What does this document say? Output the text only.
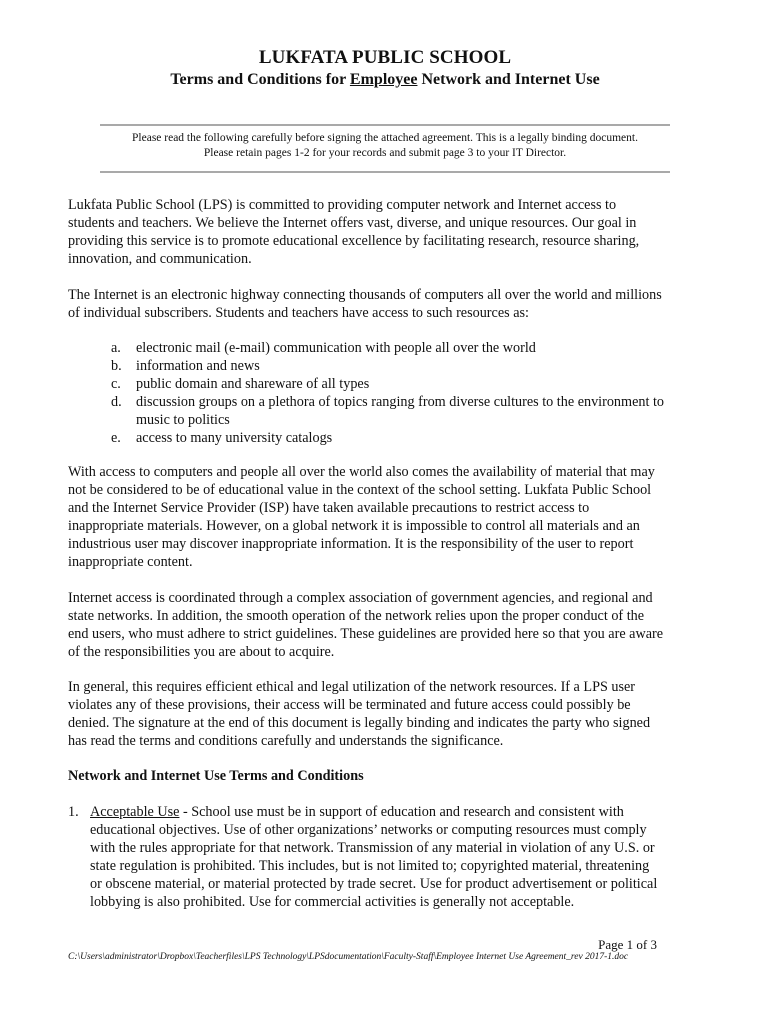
LUKFATA PUBLIC SCHOOL
Terms and Conditions for Employee Network and Internet Use
Please read the following carefully before signing the attached agreement. This is a legally binding document.
Please retain pages 1-2 for your records and submit page 3 to your IT Director.
Lukfata Public School (LPS) is committed to providing computer network and Internet access to
students and teachers. We believe the Internet offers vast, diverse, and unique resources. Our goal in
providing this service is to promote educational excellence by facilitating research, resource sharing,
innovation, and communication.
The Internet is an electronic highway connecting thousands of computers all over the world and millions
of individual subscribers. Students and teachers have access to such resources as:
a. electronic mail (e-mail) communication with people all over the world
b. information and news
c. public domain and shareware of all types
d. discussion groups on a plethora of topics ranging from diverse cultures to the environment to
music to politics
e. access to many university catalogs
With access to computers and people all over the world also comes the availability of material that may
not be considered to be of educational value in the context of the school setting. Lukfata Public School
and the Internet Service Provider (ISP) have taken available precautions to restrict access to
inappropriate materials. However, on a global network it is impossible to control all materials and an
industrious user may discover inappropriate information. It is the responsibility of the user to report
inappropriate content.
Internet access is coordinated through a complex association of government agencies, and regional and
state networks. In addition, the smooth operation of the network relies upon the proper conduct of the
end users, who must adhere to strict guidelines. These guidelines are provided here so that you are aware
of the responsibilities you are about to acquire.
In general, this requires efficient ethical and legal utilization of the network resources. If a LPS user
violates any of these provisions, their access will be terminated and future access could possibly be
denied. The signature at the end of this document is legally binding and indicates the party who signed
has read the terms and conditions carefully and understands the significance.
Network and Internet Use Terms and Conditions
1. Acceptable Use - School use must be in support of education and research and consistent with
educational objectives. Use of other organizations’ networks or computing resources must comply
with the rules appropriate for that network. Transmission of any material in violation of any U.S. or
state regulation is prohibited. This includes, but is not limited to; copyrighted material, threatening
or obscene material, or material protected by trade secret. Use for product advertisement or political
lobbying is also prohibited. Use for commercial activities is generally not acceptable.
Page 1 of 3
C:\Users\administrator\Dropbox\Teacherfiles\LPS Technology\LPSdocumentation\Faculty-Staff\Employee Internet Use Agreement_rev 2017-1.doc
